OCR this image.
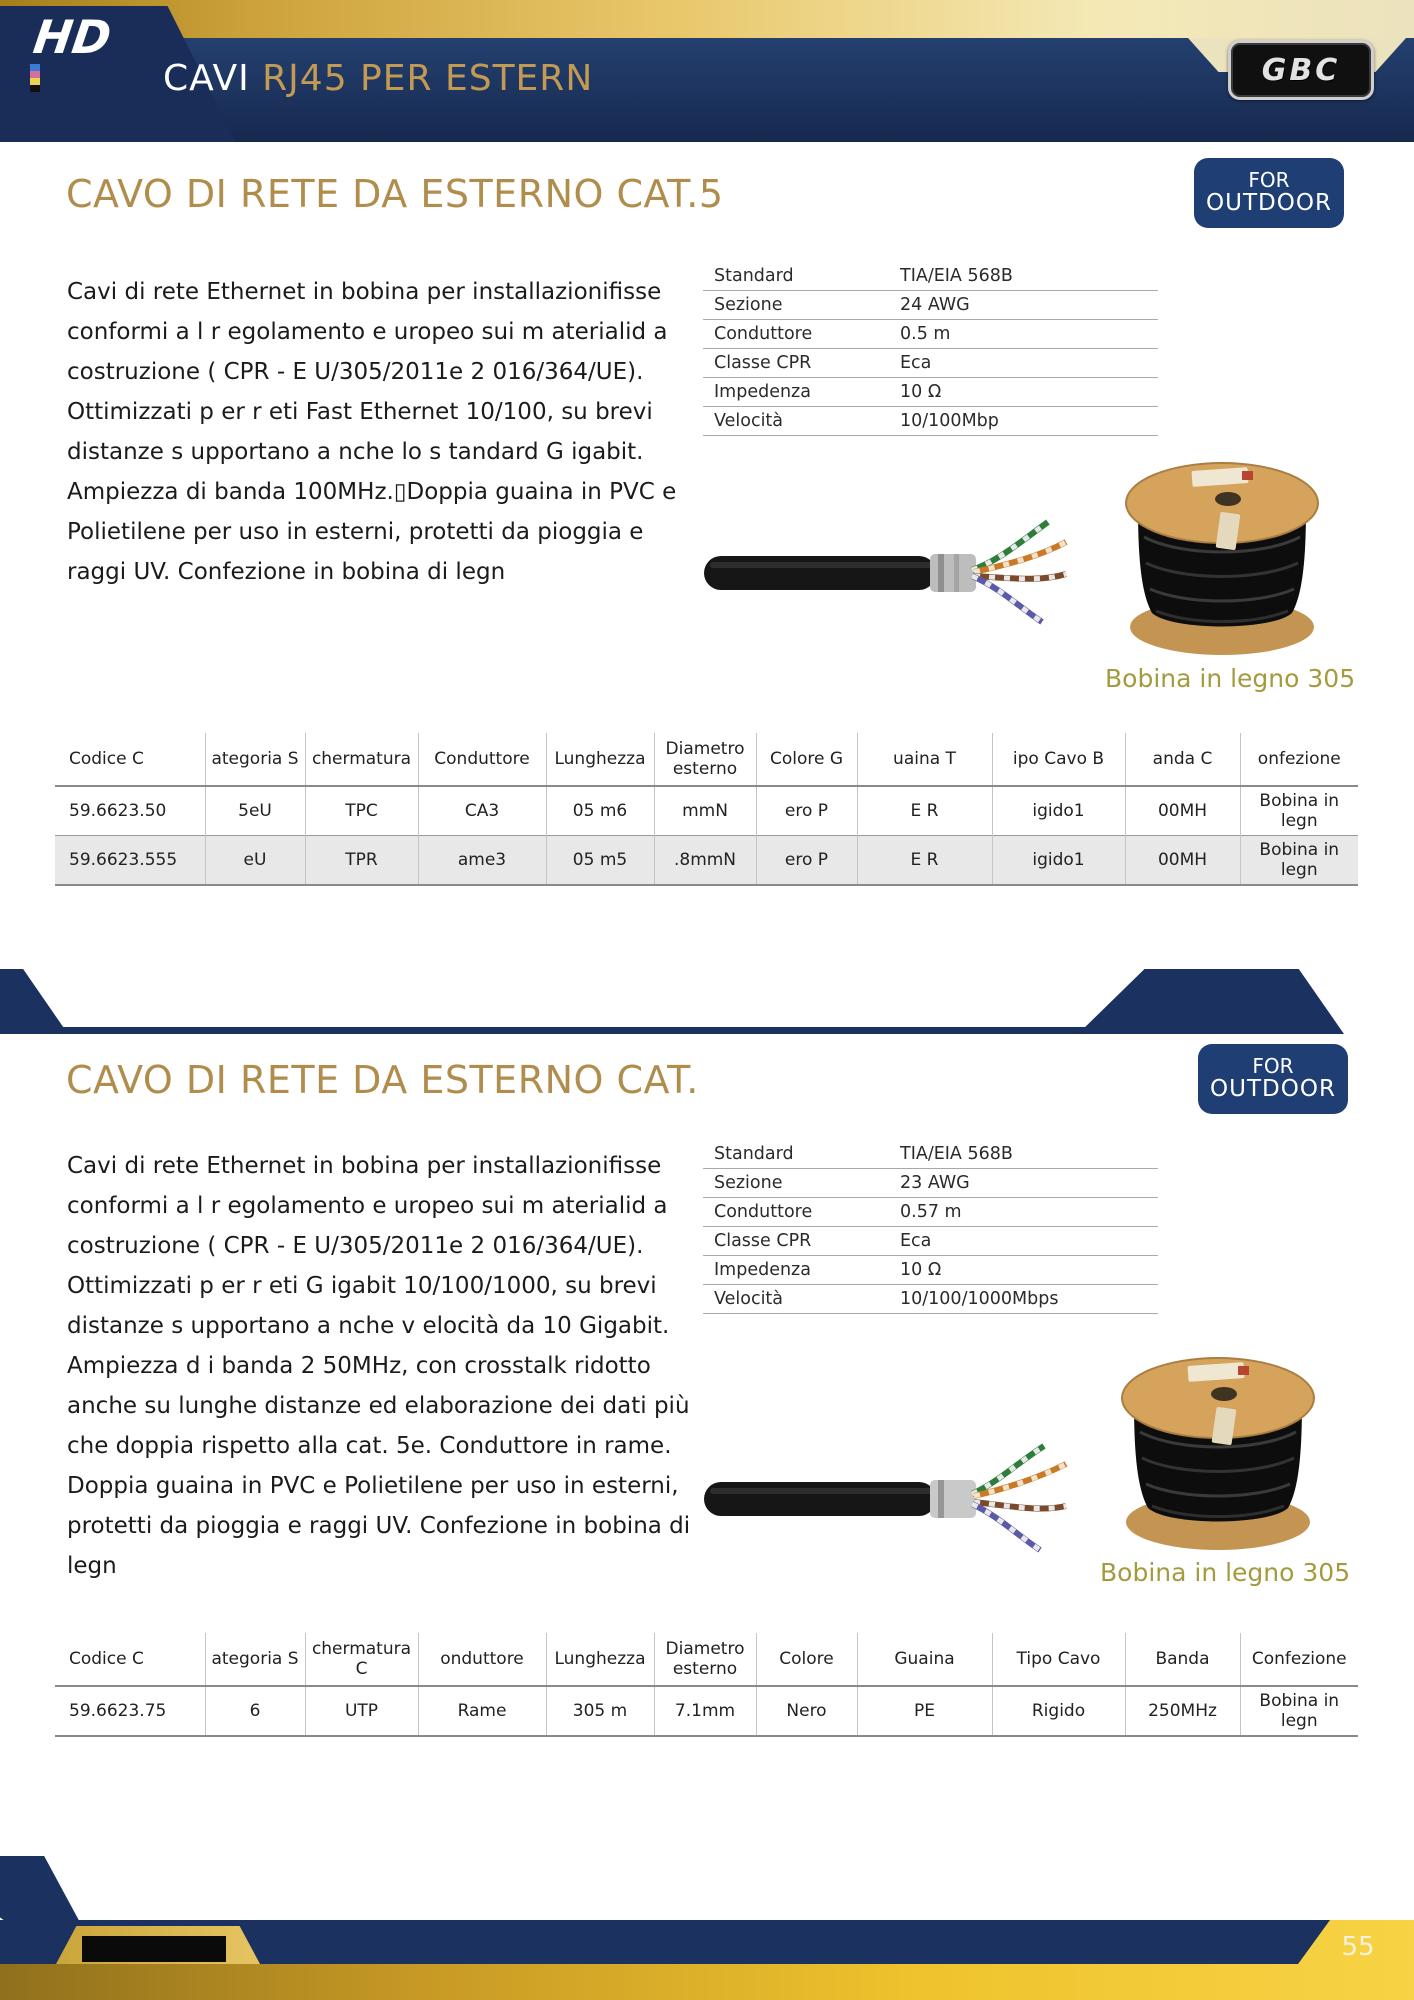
HD
CAVI RJ45 PER ESTERN	GBC
CAVO DI RETE DA ESTERNO CAT.5	FOR
OUTDOOR
Cavi di rete Ethernet in bobina per installazionifisse conformi a l r egolamento e uropeo sui m aterialid a costruzione ( CPR - E U/305/2011e 2 016/364/UE). Ottimizzati p er r eti Fast Ethernet 10/100, su brevi distanze s upportano a nche lo s tandard G igabit. Ampiezza di banda 100MHz.▯Doppia guaina in PVC e Polietilene per uso in esterni, protetti da pioggia e raggi UV. Confezione in bobina di legn
Standard	TIA/EIA 568B
Sezione	24 AWG
Conduttore	0.5 m
Classe CPR	Eca
Impedenza	10 Ω
Velocità	10/100Mbp
Bobina in legno 305
Codice C	ategoria S	chermatura	Conduttore	Lunghezza	Diametro esterno	Colore G	uaina T	ipo Cavo B	anda C	onfezione
59.6623.50	5eU	TPC	CA3	05 m6	mmN	ero P	E R	igido1	00MH	Bobina in legn
59.6623.555	eU	TPR	ame3	05 m5	.8mmN	ero P	E R	igido1	00MH	Bobina in legn
CAVO DI RETE DA ESTERNO CAT.	FOR
OUTDOOR
Cavi di rete Ethernet in bobina per installazionifisse conformi a l r egolamento e uropeo sui m aterialid a costruzione ( CPR - E U/305/2011e 2 016/364/UE). Ottimizzati p er r eti G igabit 10/100/1000, su brevi distanze s upportano a nche v elocità da 10 Gigabit. Ampiezza d i banda 2 50MHz, con crosstalk ridotto anche su lunghe distanze ed elaborazione dei dati più che doppia rispetto alla cat. 5e. Conduttore in rame. Doppia guaina in PVC e Polietilene per uso in esterni, protetti da pioggia e raggi UV. Confezione in bobina di legn
Standard	TIA/EIA 568B
Sezione	23 AWG
Conduttore	0.57 m
Classe CPR	Eca
Impedenza	10 Ω
Velocità	10/100/1000Mbps
Bobina in legno 305
Codice C	ategoria S	chermatura C	onduttore	Lunghezza	Diametro esterno	Colore	Guaina	Tipo Cavo	Banda	Confezione
59.6623.75	6	UTP	Rame	305 m	7.1mm	Nero	PE	Rigido	250MHz	Bobina in legn
55
